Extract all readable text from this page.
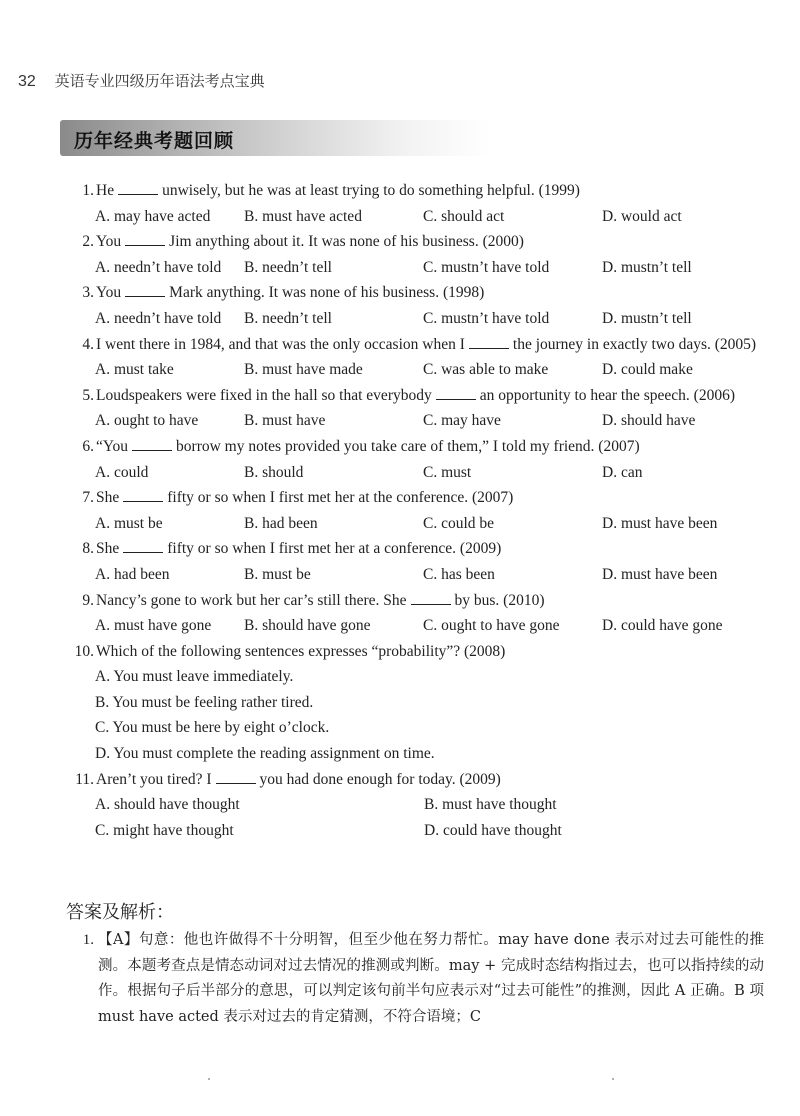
32 英语专业四级历年语法考点宝典
历年经典考题回顾
1. He	unwisely, but he was at least trying to do something helpful. (1999)
A. may have acted	B. must have acted	C. should act	D. would act
2. You	Jim anything about it. It was none of his business. (2000)
A. needn’t have told	B. needn’t tell	C. mustn’t have told	D. mustn’t tell
3. You	Mark anything. It was none of his business. (1998)
A. needn’t have told	B. needn’t tell	C. mustn’t have told	D. mustn’t tell
4. I went there in 1984, and that was the only occasion when I	the journey in exactly two days. (2005)
A. must take	B. must have made	C. was able to make	D. could make
5. Loudspeakers were fixed in the hall so that everybody	an opportunity to hear the speech. (2006)
A. ought to have	B. must have	C. may have	D. should have
6. “You	borrow my notes provided you take care of them,” I told my friend. (2007)
A. could	B. should	C. must	D. can
7. She	fifty or so when I first met her at the conference. (2007)
A. must be	B. had been	C. could be	D. must have been
8. She	fifty or so when I first met her at a conference. (2009)
A. had been	B. must be	C. has been	D. must have been
9. Nancy’s gone to work but her car’s still there. She	by bus. (2010)
A. must have gone	B. should have gone	C. ought to have gone	D. could have gone
10. Which of the following sentences expresses “probability”? (2008)
A. You must leave immediately.
B. You must be feeling rather tired.
C. You must be here by eight o’clock.
D. You must complete the reading assignment on time.
11. Aren’t you tired? I	you had done enough for today. (2009)
A. should have thought	B. must have thought
C. might have thought	D. could have thought
答案及解析：
1. 【A】句意：他也许做得不十分明智，但至少他在努力帮忙。may have done 表示对过去可能性的推测。本题考查点是情态动词对过去情况的推测或判断。may + 完成时态结构指过去，也可以指持续的动作。根据句子后半部分的意思，可以判定该句前半句应表示对“过去可能性”的推测，因此 A 正确。B 项 must have acted 表示对过去的肯定猜测，不符合语境；C
